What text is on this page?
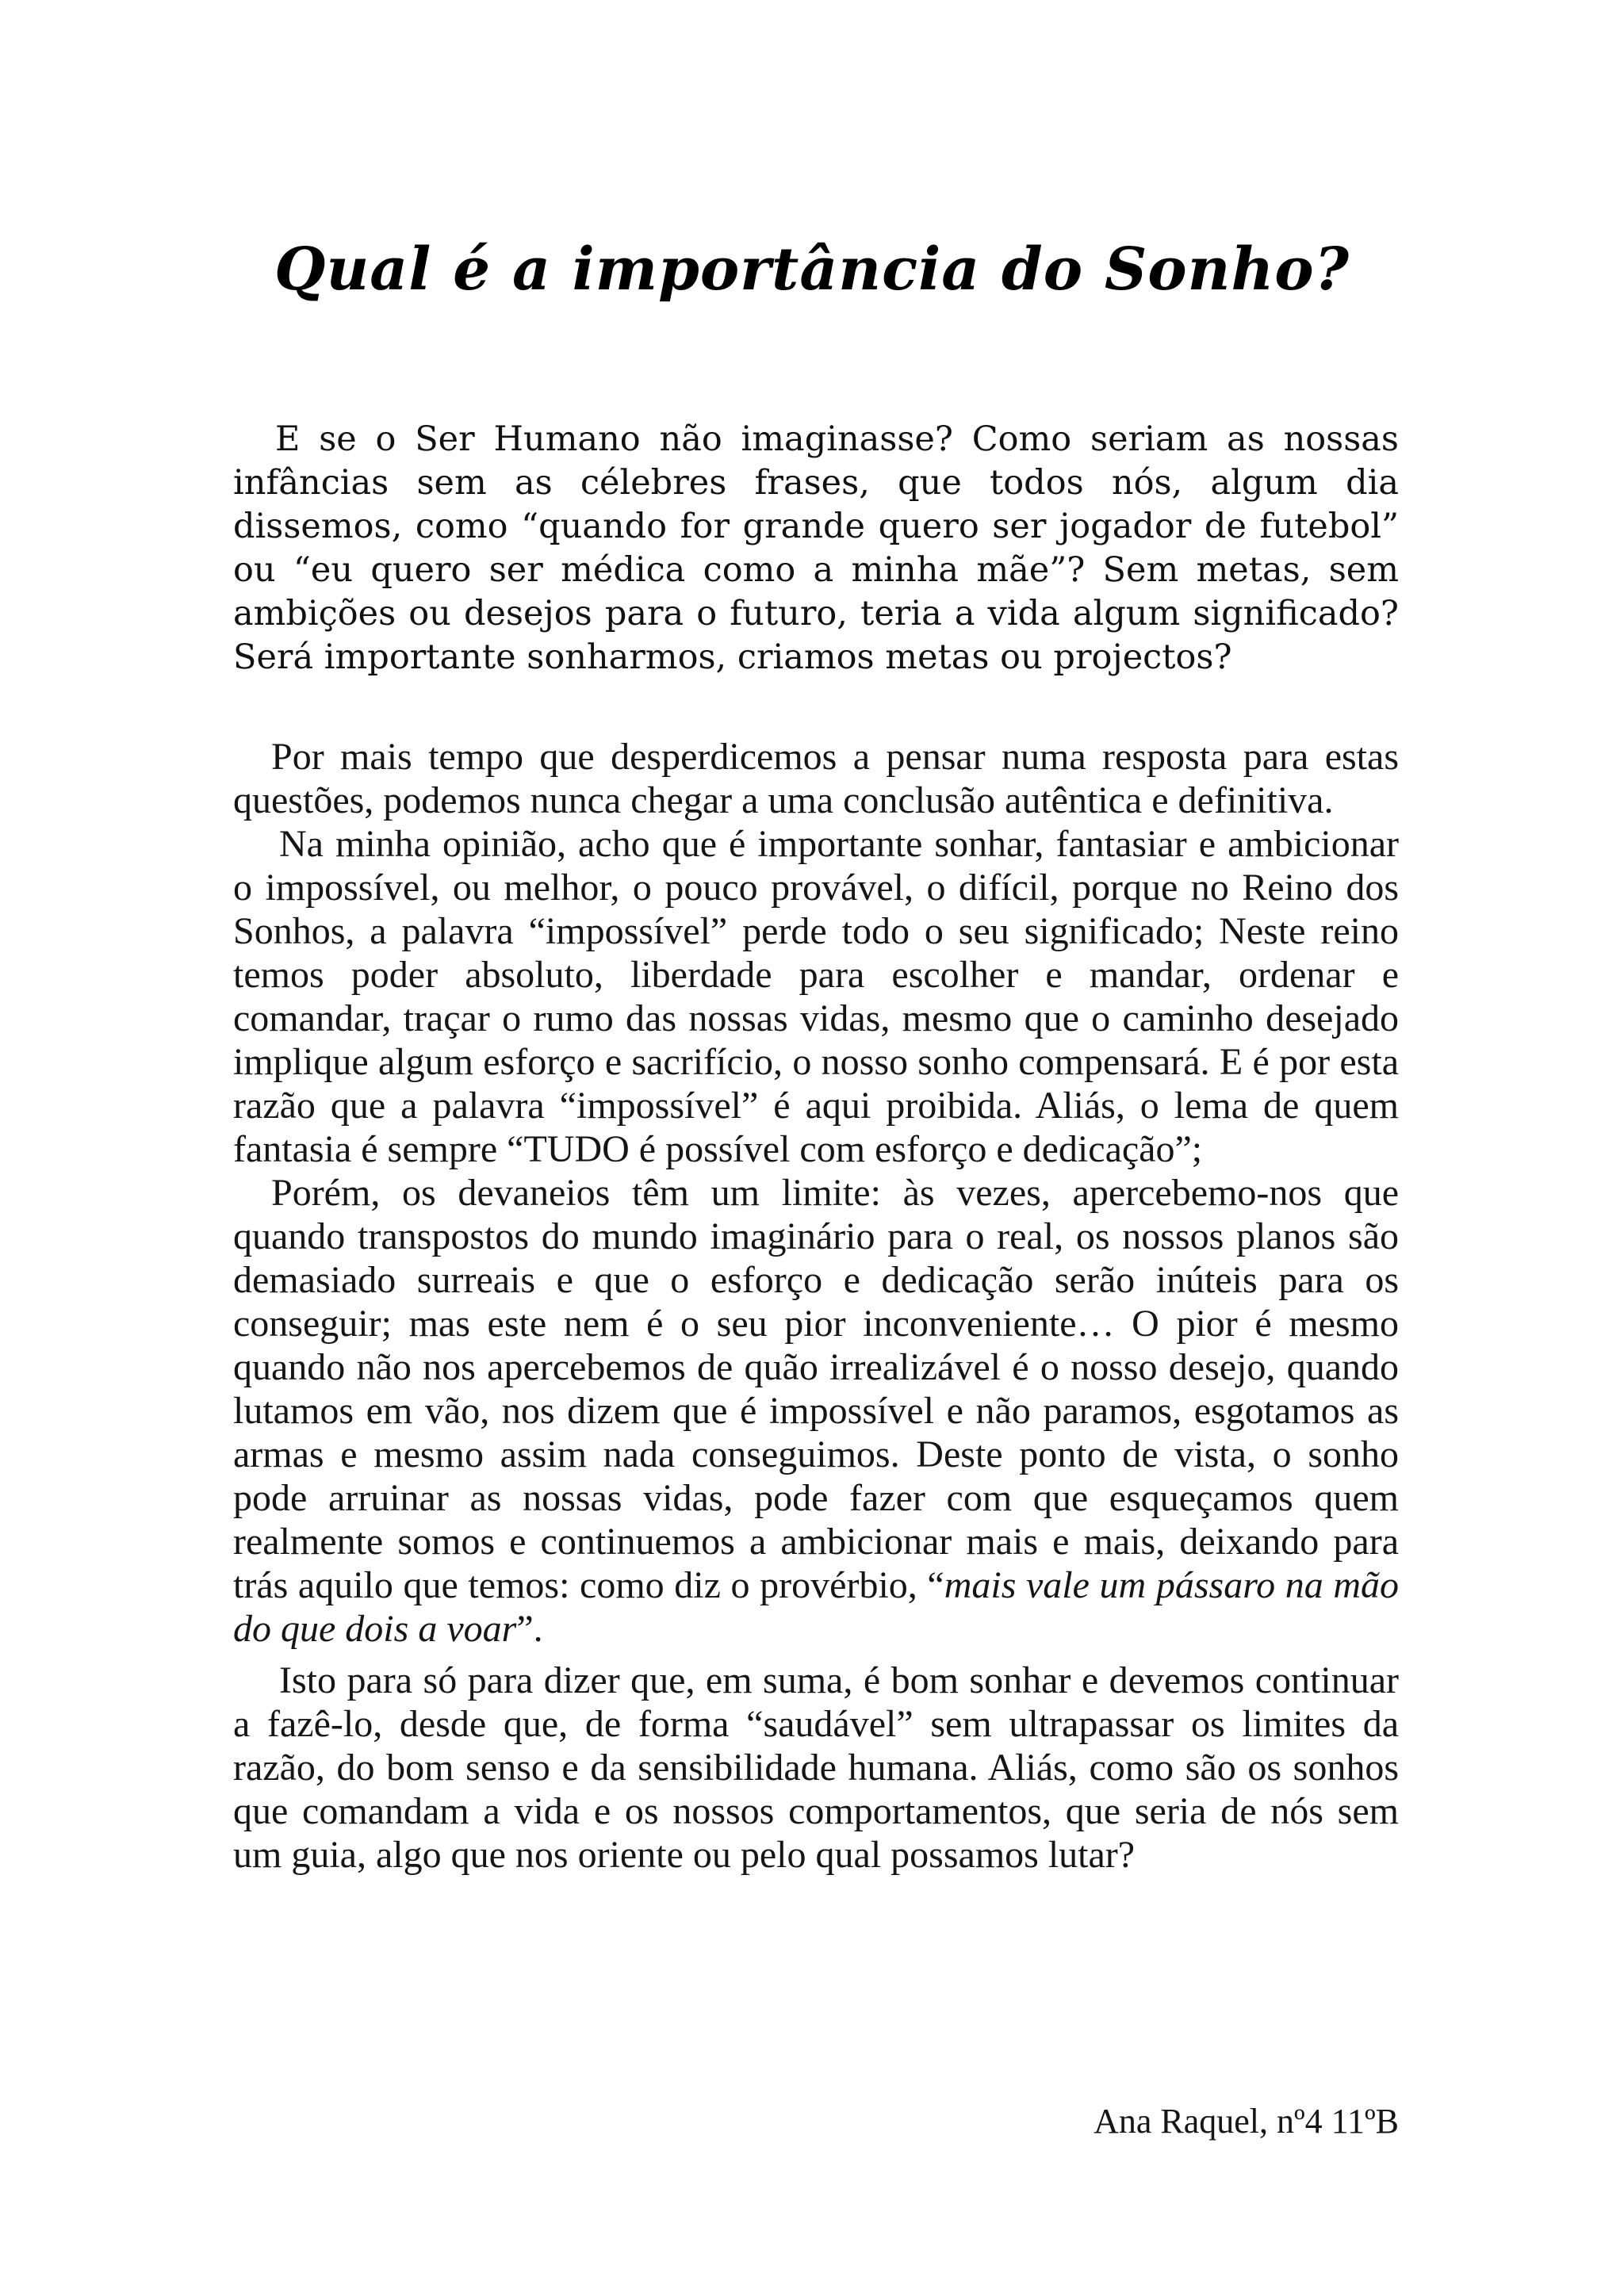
Qual é a importância do Sonho?

E se o Ser Humano não imaginasse? Como seriam as nossas infâncias sem as célebres frases, que todos nós, algum dia dissemos, como “quando for grande quero ser jogador de futebol” ou “eu quero ser médica como a minha mãe”? Sem metas, sem ambições ou desejos para o futuro, teria a vida algum significado? Será importante sonharmos, criamos metas ou projectos?

Por mais tempo que desperdicemos a pensar numa resposta para estas questões, podemos nunca chegar a uma conclusão autêntica e definitiva.

Na minha opinião, acho que é importante sonhar, fantasiar e ambicionar o impossível, ou melhor, o pouco provável, o difícil, porque no Reino dos Sonhos, a palavra “impossível” perde todo o seu significado; Neste reino temos poder absoluto, liberdade para escolher e mandar, ordenar e comandar, traçar o rumo das nossas vidas, mesmo que o caminho desejado implique algum esforço e sacrifício, o nosso sonho compensará. E é por esta razão que a palavra “impossível” é aqui proibida. Aliás, o lema de quem fantasia é sempre “TUDO é possível com esforço e dedicação”;

Porém, os devaneios têm um limite: às vezes, apercebemo-nos que quando transpostos do mundo imaginário para o real, os nossos planos são demasiado surreais e que o esforço e dedicação serão inúteis para os conseguir; mas este nem é o seu pior inconveniente… O pior é mesmo quando não nos apercebemos de quão irrealizável é o nosso desejo, quando lutamos em vão, nos dizem que é impossível e não paramos, esgotamos as armas e mesmo assim nada conseguimos. Deste ponto de vista, o sonho pode arruinar as nossas vidas, pode fazer com que esqueçamos quem realmente somos e continuemos a ambicionar mais e mais, deixando para trás aquilo que temos: como diz o provérbio, “mais vale um pássaro na mão do que dois a voar”.

Isto para só para dizer que, em suma, é bom sonhar e devemos continuar a fazê-lo, desde que, de forma “saudável” sem ultrapassar os limites da razão, do bom senso e da sensibilidade humana. Aliás, como são os sonhos que comandam a vida e os nossos comportamentos, que seria de nós sem um guia, algo que nos oriente ou pelo qual possamos lutar?

Ana Raquel, nº4 11ºB
